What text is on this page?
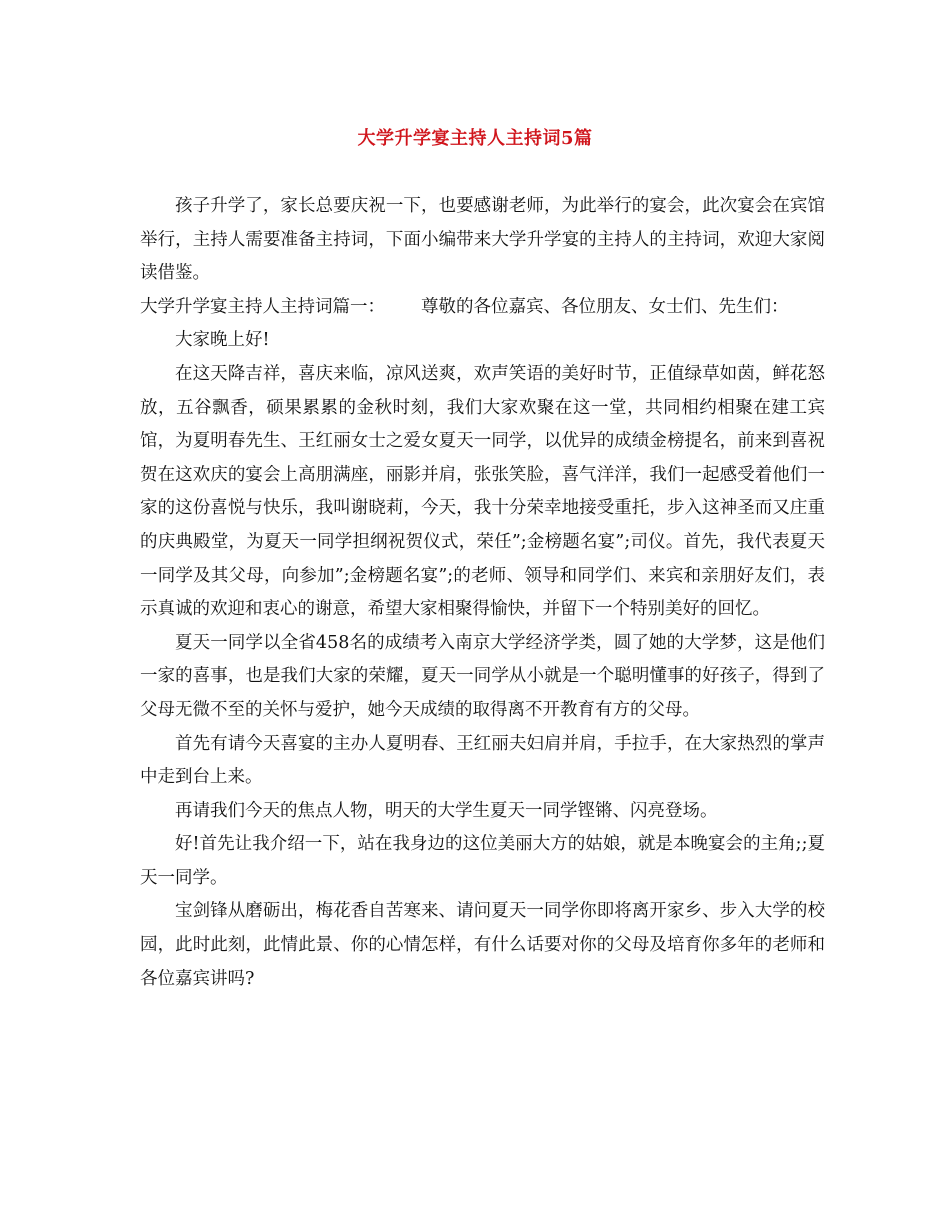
大学升学宴主持人主持词5篇

孩子升学了，家长总要庆祝一下，也要感谢老师，为此举行的宴会，此次宴会在宾馆举行，主持人需要准备主持词，下面小编带来大学升学宴的主持人的主持词，欢迎大家阅读借鉴。

大学升学宴主持人主持词篇一： 尊敬的各位嘉宾、各位朋友、女士们、先生们：

大家晚上好!

在这天降吉祥，喜庆来临，凉风送爽，欢声笑语的美好时节，正值绿草如茵，鲜花怒放，五谷飘香，硕果累累的金秋时刻，我们大家欢聚在这一堂，共同相约相聚在建工宾馆，为夏明春先生、王红丽女士之爱女夏天一同学，以优异的成绩金榜提名，前来到喜祝贺在这欢庆的宴会上高朋满座，丽影并肩，张张笑脸，喜气洋洋，我们一起感受着他们一家的这份喜悦与快乐，我叫谢晓莉，今天，我十分荣幸地接受重托，步入这神圣而又庄重的庆典殿堂，为夏天一同学担纲祝贺仪式，荣任”;金榜题名宴”;司仪。首先，我代表夏天一同学及其父母，向参加”;金榜题名宴”;的老师、领导和同学们、来宾和亲朋好友们，表示真诚的欢迎和衷心的谢意，希望大家相聚得愉快，并留下一个特别美好的回忆。

夏天一同学以全省458名的成绩考入南京大学经济学类，圆了她的大学梦，这是他们一家的喜事，也是我们大家的荣耀，夏天一同学从小就是一个聪明懂事的好孩子，得到了父母无微不至的关怀与爱护，她今天成绩的取得离不开教育有方的父母。

首先有请今天喜宴的主办人夏明春、王红丽夫妇肩并肩，手拉手，在大家热烈的掌声中走到台上来。

再请我们今天的焦点人物，明天的大学生夏天一同学铿锵、闪亮登场。

好!首先让我介绍一下，站在我身边的这位美丽大方的姑娘，就是本晚宴会的主角;;夏天一同学。

宝剑锋从磨砺出，梅花香自苦寒来、请问夏天一同学你即将离开家乡、步入大学的校园，此时此刻，此情此景、你的心情怎样，有什么话要对你的父母及培育你多年的老师和各位嘉宾讲吗?
